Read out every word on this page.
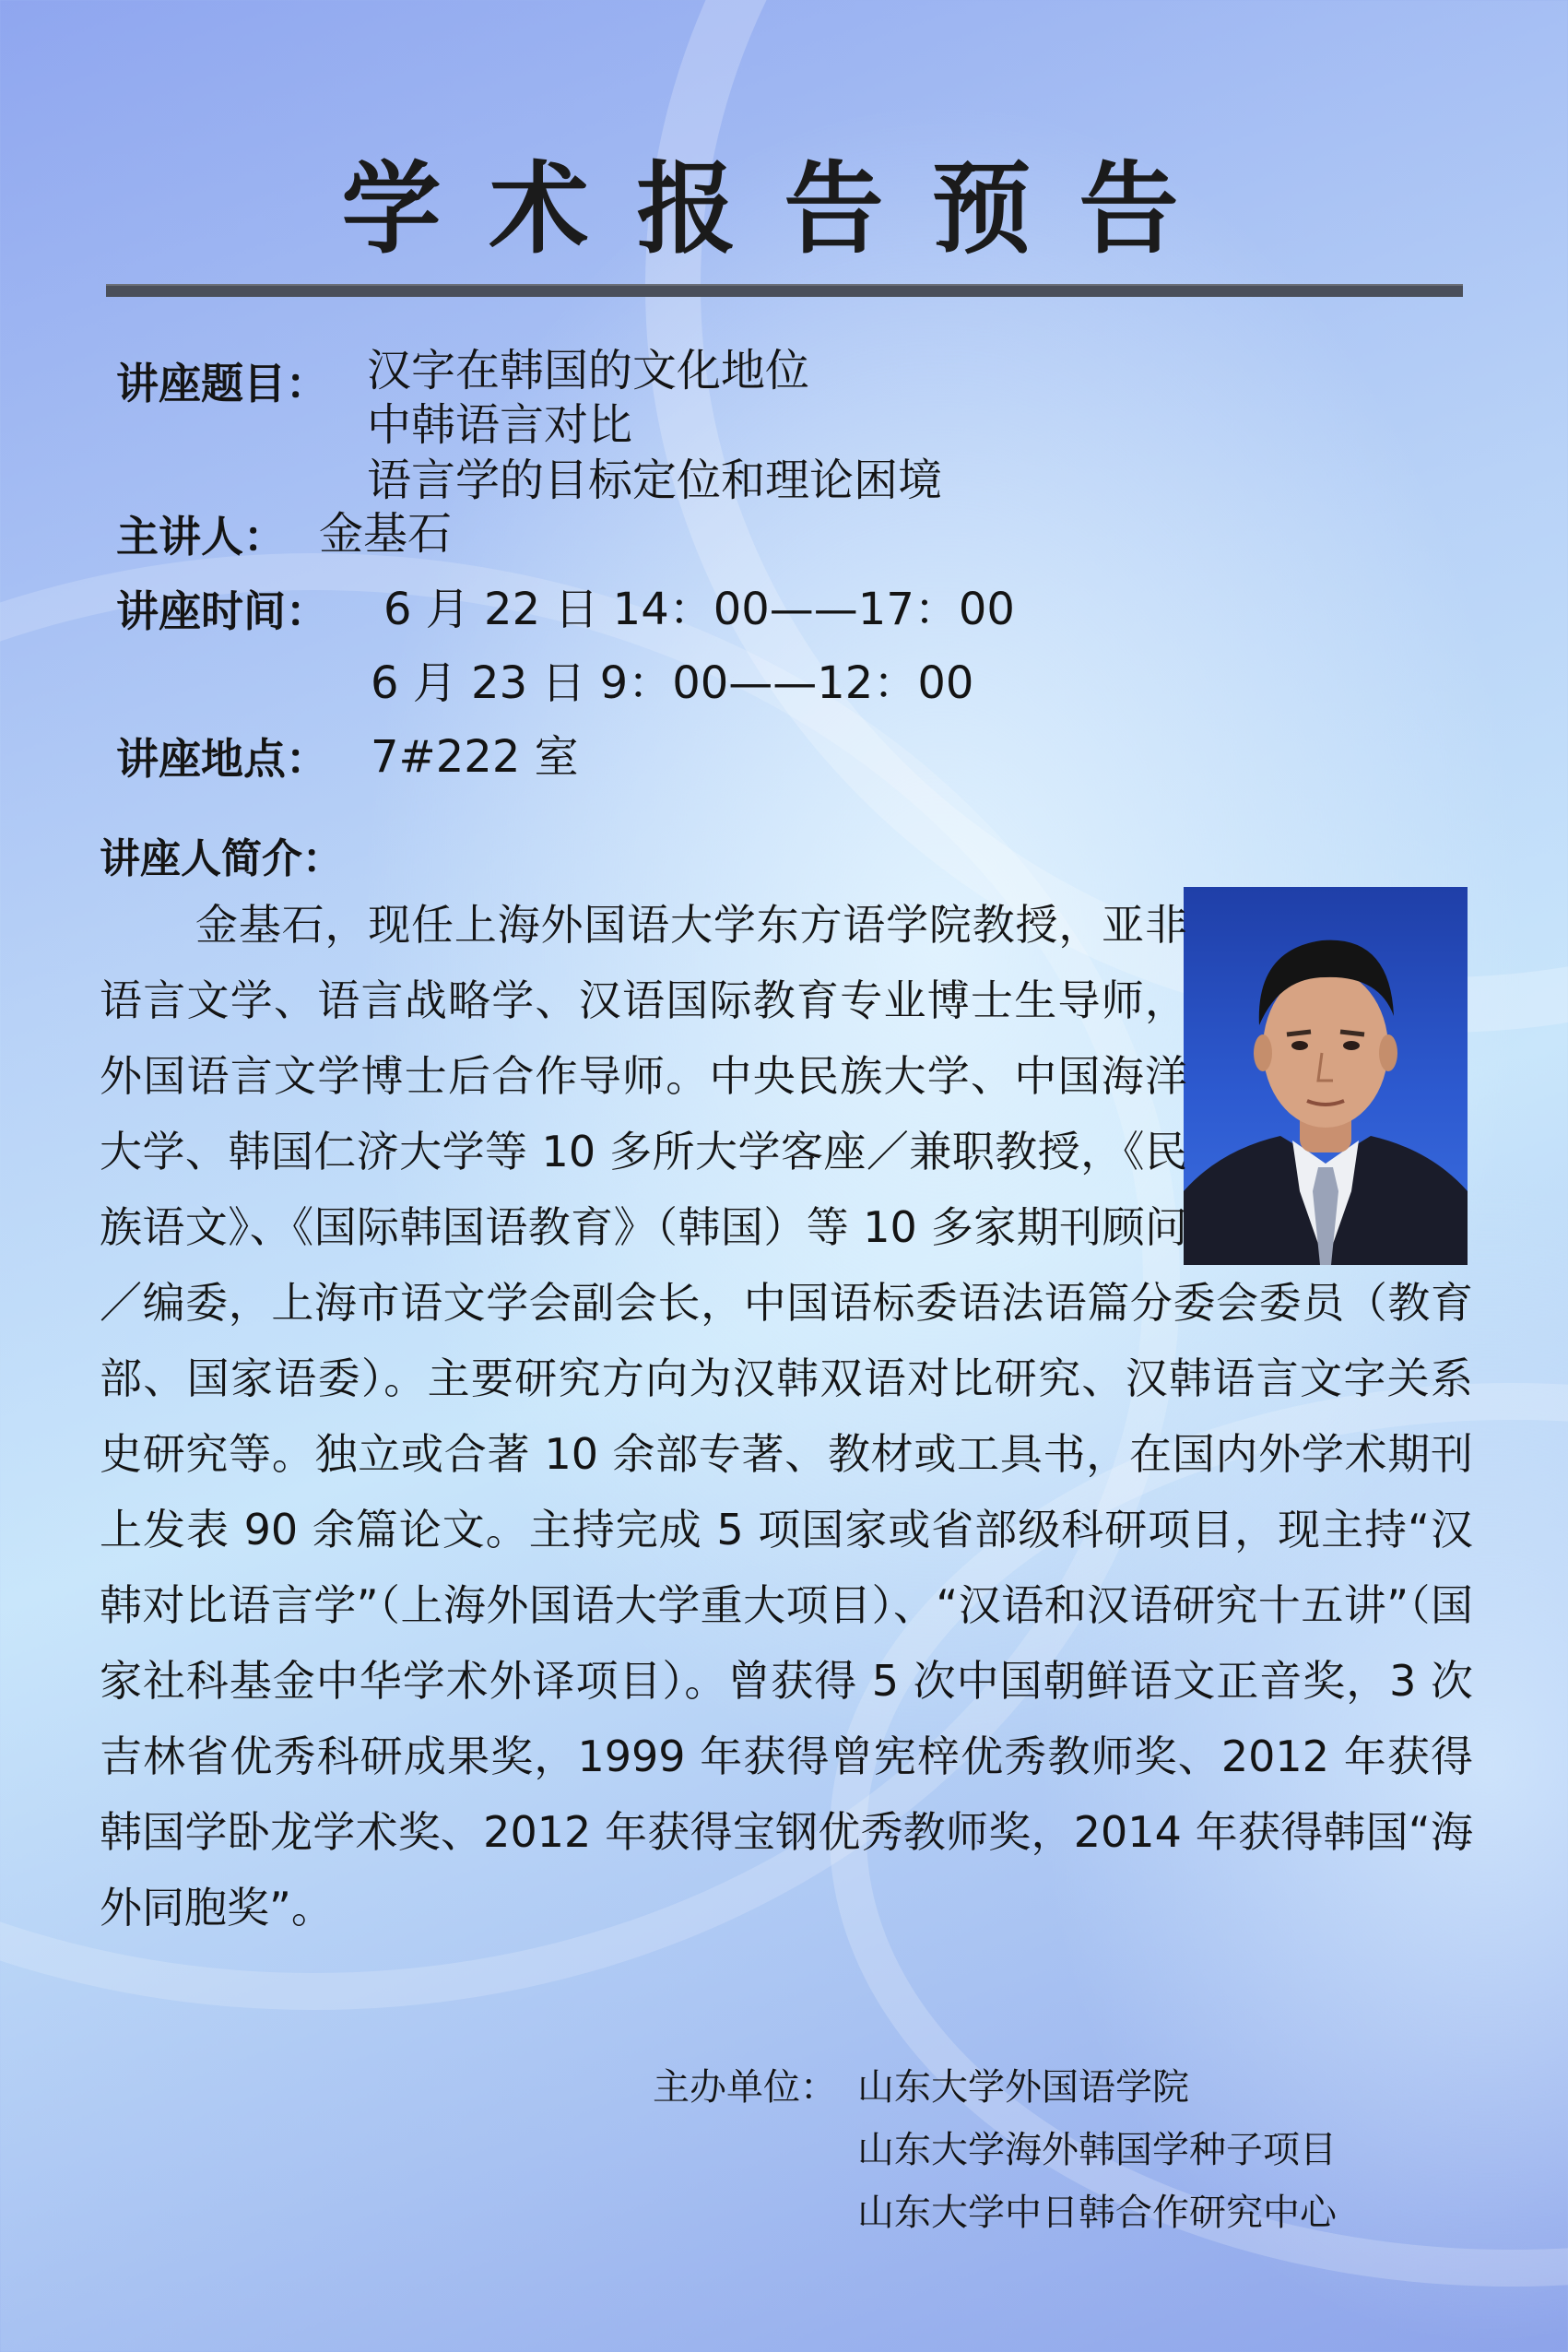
学术报告预告
讲座题目： 汉字在韩国的文化地位
中韩语言对比
语言学的目标定位和理论困境
主讲人： 金基石
讲座时间： 6 月 22 日 14：00——17：00
6 月 23 日 9：00——12：00
讲座地点： 7#222 室
讲座人简介：

金基石，现任上海外国语大学东方语学院教授，亚非语言文学、语言战略学、汉语国际教育专业博士生导师，外国语言文学博士后合作导师。中央民族大学、中国海洋大学、韩国仁济大学等 10 多所大学客座／兼职教授，《民族语文》、《国际韩国语教育》（韩国）等 10 多家期刊顾问／编委，上海市语文学会副会长，中国语标委语法语篇分委会委员（教育部、国家语委）。主要研究方向为汉韩双语对比研究、汉韩语言文字关系史研究等。独立或合著 10 余部专著、教材或工具书，在国内外学术期刊上发表 90 余篇论文。主持完成 5 项国家或省部级科研项目，现主持“汉韩对比语言学”（上海外国语大学重大项目）、“汉语和汉语研究十五讲”（国家社科基金中华学术外译项目）。曾获得 5 次中国朝鲜语文正音奖，3 次吉林省优秀科研成果奖，1999 年获得曾宪梓优秀教师奖、2012 年获得韩国学卧龙学术奖、2012 年获得宝钢优秀教师奖，2014 年获得韩国“海外同胞奖”。

主办单位： 山东大学外国语学院
山东大学海外韩国学种子项目
山东大学中日韩合作研究中心
